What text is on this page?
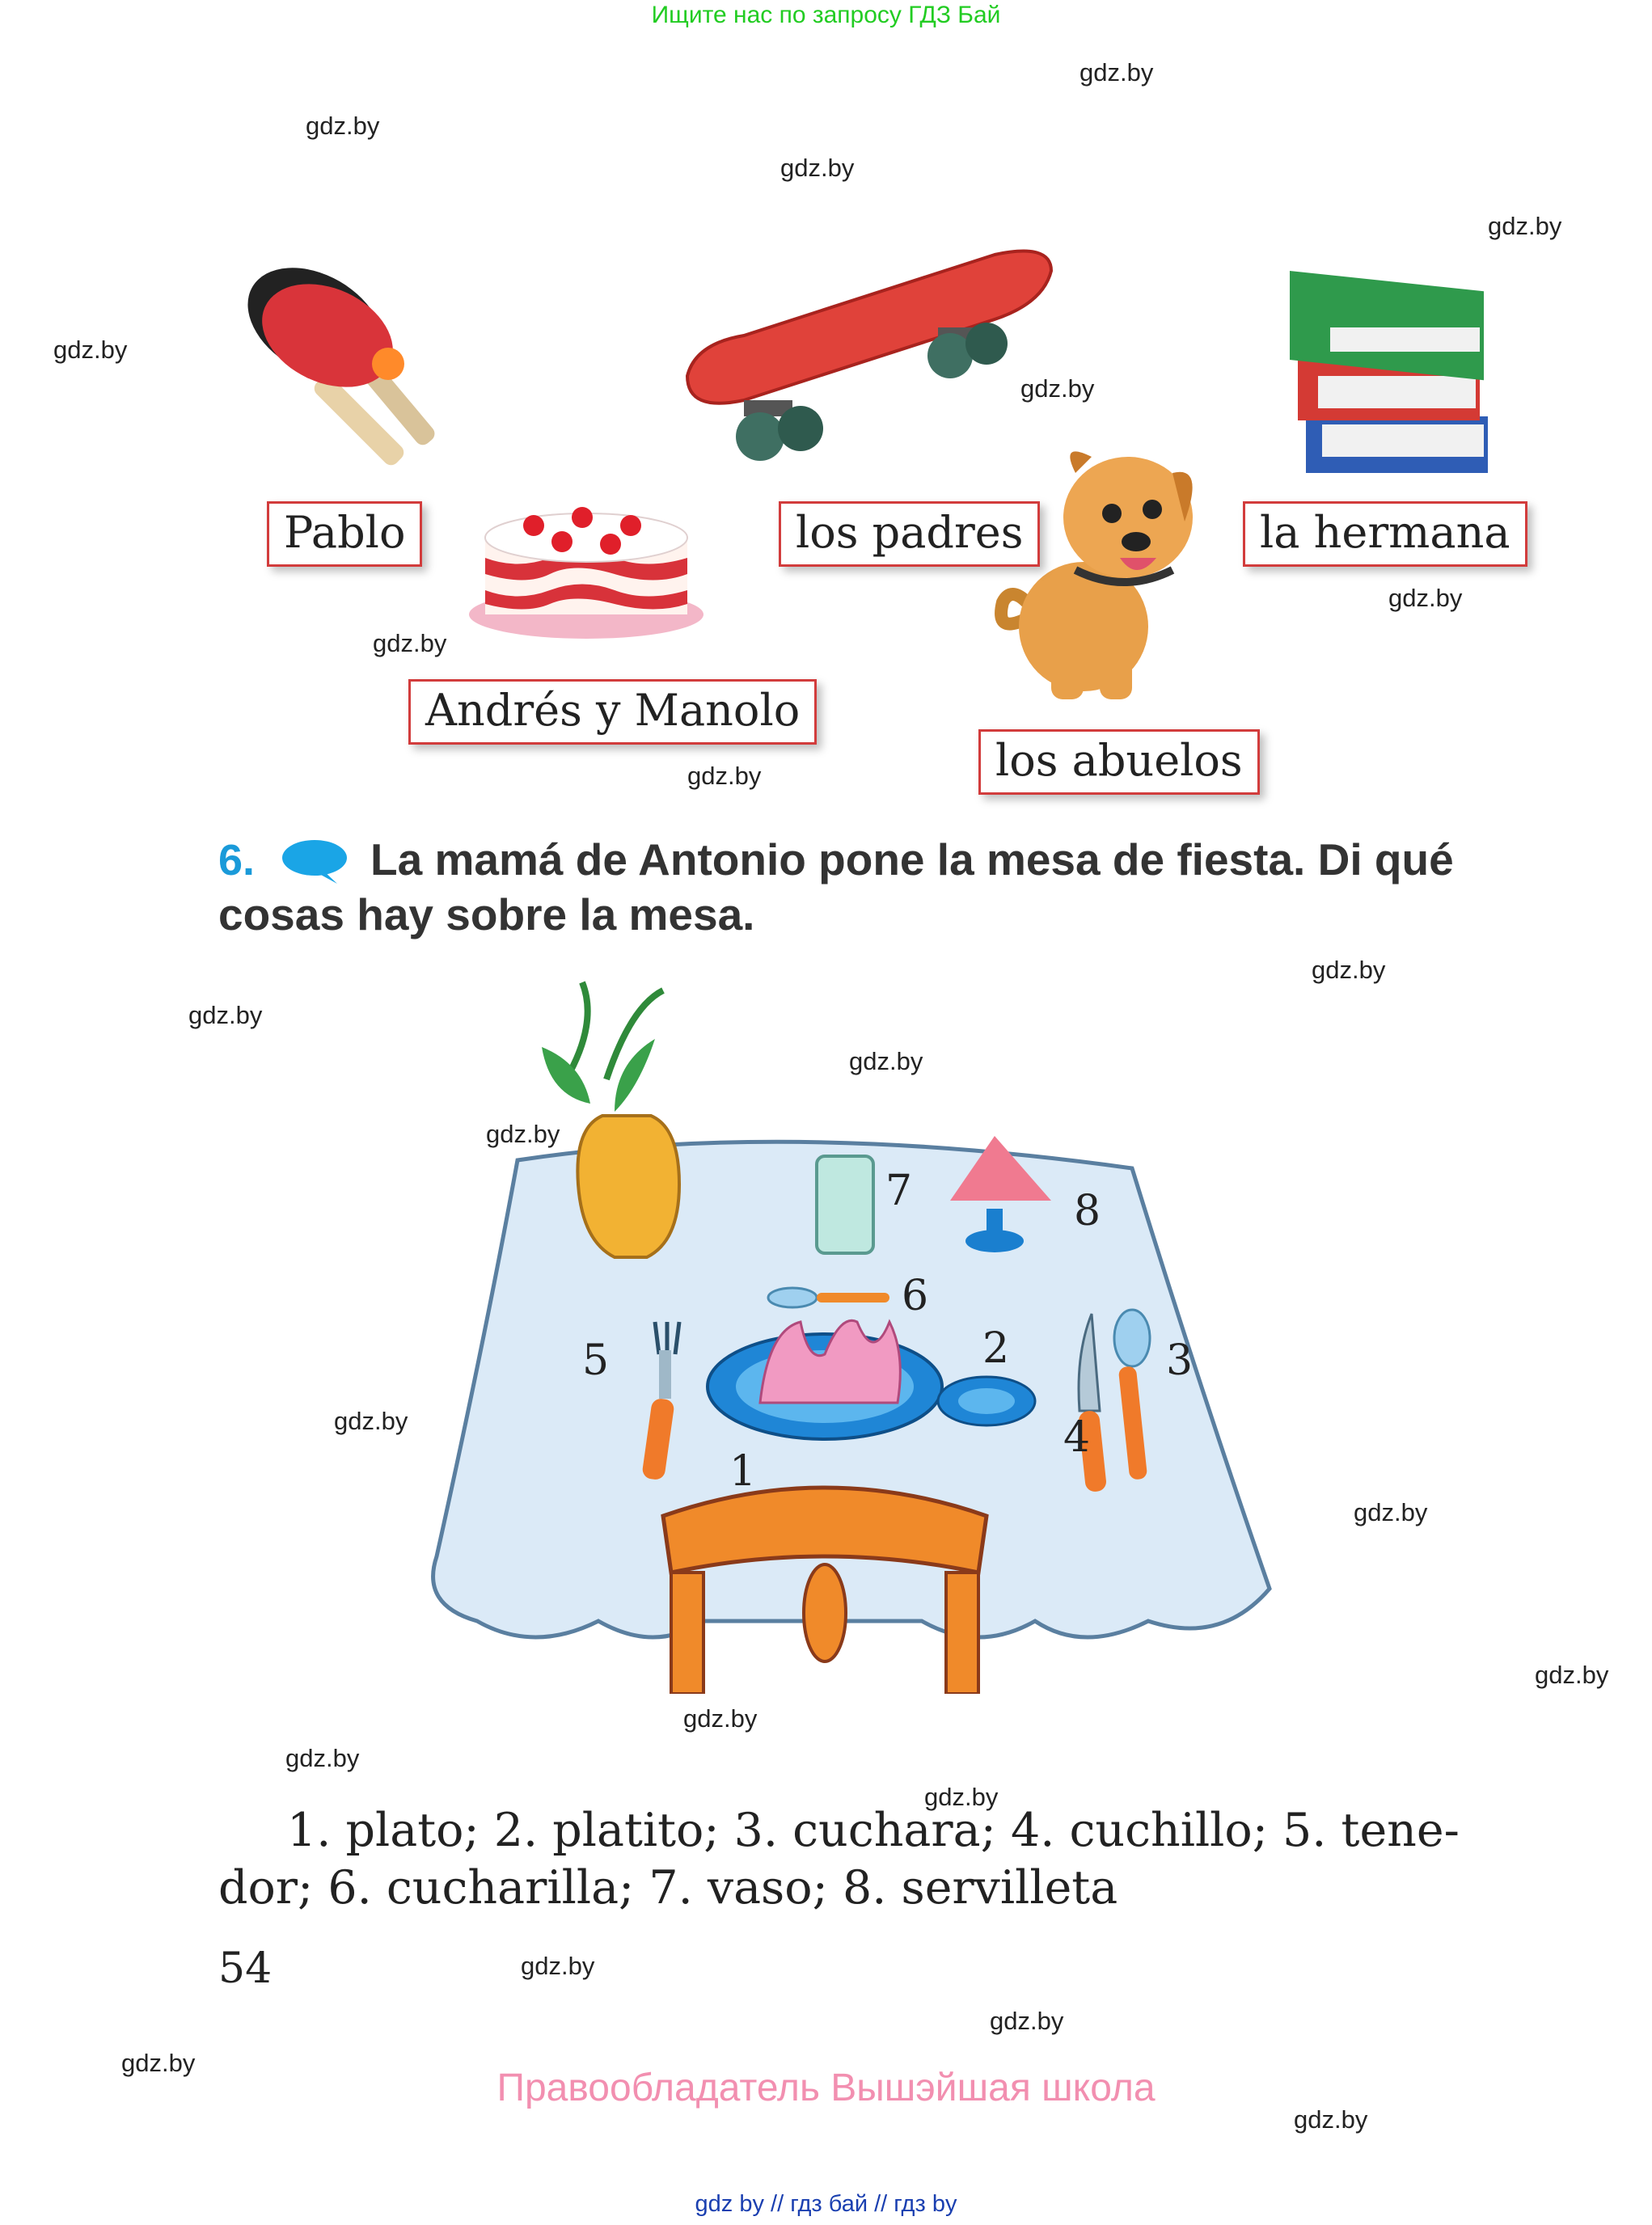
Ищите нас по запросу ГДЗ Бай
gdz.by
gdz.by
gdz.by
gdz.by
gdz.by
gdz.by
gdz.by
gdz.by
gdz.by
gdz.by
gdz.by
gdz.by
gdz.by
gdz.by
gdz.by
gdz.by
gdz.by
gdz.by
gdz.by
gdz.by
gdz.by
gdz.by
gdz.by
Pablo	los padres	la hermana
Andrés y Manolo
los abuelos
6.	La mamá de Antonio pone la mesa de fiesta. Di qué
cosas hay sobre la mesa.
1
2	3
4
5
6
7	8
1. plato; 2. platito; 3. cuchara; 4. cuchillo; 5. tene-
dor; 6. cucharilla; 7. vaso; 8. servilleta
54
Правообладатель Вышэйшая школа
gdz by // гдз бай // гдз by
